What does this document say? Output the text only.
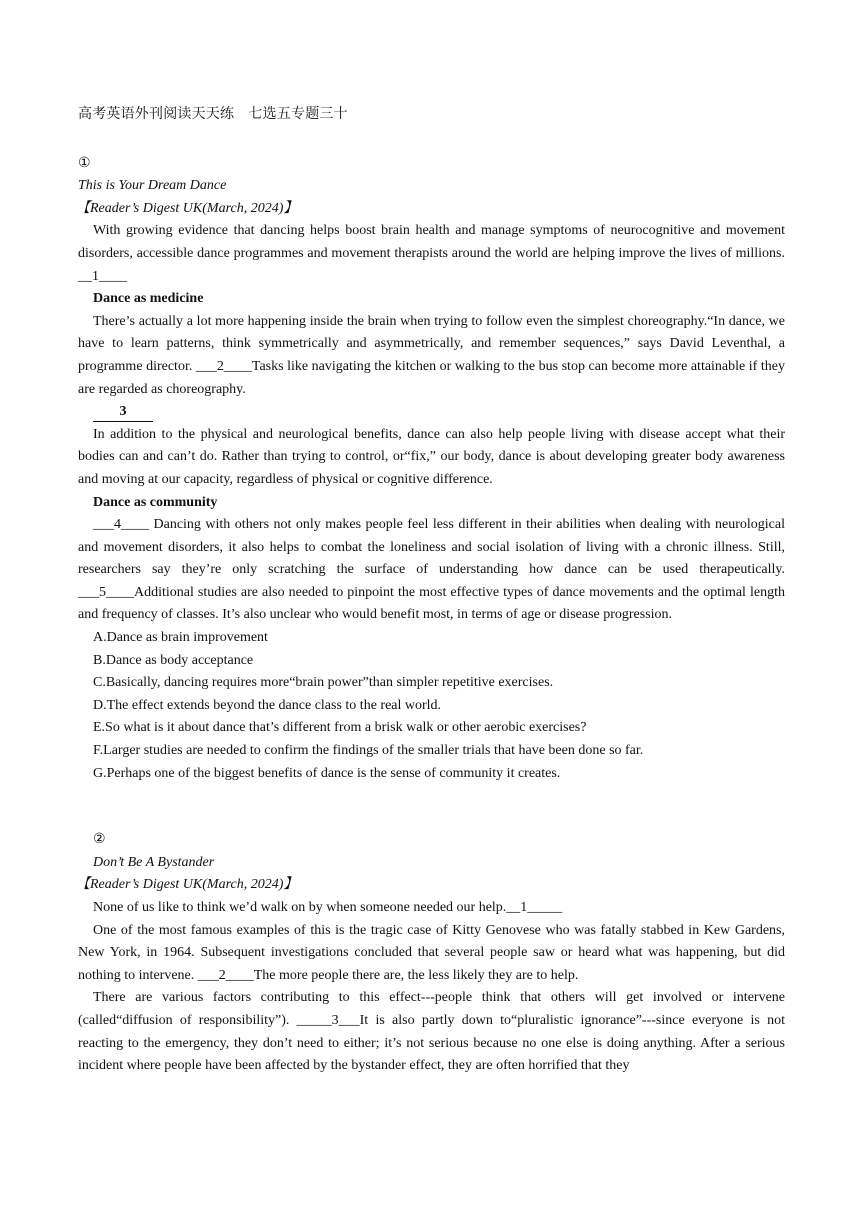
高考英语外刊阅读天天练　七选五专题三十

①

This is Your Dream Dance

【Reader’s Digest UK(March, 2024)】

With growing evidence that dancing helps boost brain health and manage symptoms of neurocognitive and movement disorders, accessible dance programmes and movement therapists around the world are helping improve the lives of millions. __1____

Dance as medicine

There’s actually a lot more happening inside the brain when trying to follow even the simplest choreography.“In dance, we have to learn patterns, think symmetrically and asymmetrically, and remember sequences,” says David Leventhal, a programme director. ___2____Tasks like navigating the kitchen or walking to the bus stop can become more attainable if they are regarded as choreography.

3

In addition to the physical and neurological benefits, dance can also help people living with disease accept what their bodies can and can’t do. Rather than trying to control, or“fix,” our body, dance is about developing greater body awareness and moving at our capacity, regardless of physical or cognitive difference.

Dance as community

___4____ Dancing with others not only makes people feel less different in their abilities when dealing with neurological and movement disorders, it also helps to combat the loneliness and social isolation of living with a chronic illness. Still, researchers say they’re only scratching the surface of understanding how dance can be used therapeutically. ___5____Additional studies are also needed to pinpoint the most effective types of dance movements and the optimal length and frequency of classes. It’s also unclear who would benefit most, in terms of age or disease progression.

A.Dance as brain improvement

B.Dance as body acceptance

C.Basically, dancing requires more“brain power”than simpler repetitive exercises.

D.The effect extends beyond the dance class to the real world.

E.So what is it about dance that’s different from a brisk walk or other aerobic exercises?

F.Larger studies are needed to confirm the findings of the smaller trials that have been done so far.

G.Perhaps one of the biggest benefits of dance is the sense of community it creates.

②

Don’t Be A Bystander

【Reader’s Digest UK(March, 2024)】

None of us like to think we’d walk on by when someone needed our help.__1_____

One of the most famous examples of this is the tragic case of Kitty Genovese who was fatally stabbed in Kew Gardens, New York, in 1964. Subsequent investigations concluded that several people saw or heard what was happening, but did nothing to intervene. ___2____The more people there are, the less likely they are to help.

There are various factors contributing to this effect---people think that others will get involved or intervene (called“diffusion of responsibility”). _____3___It is also partly down to“pluralistic ignorance”---since everyone is not reacting to the emergency, they don’t need to either; it’s not serious because no one else is doing anything. After a serious incident where people have been affected by the bystander effect, they are often horrified that they
